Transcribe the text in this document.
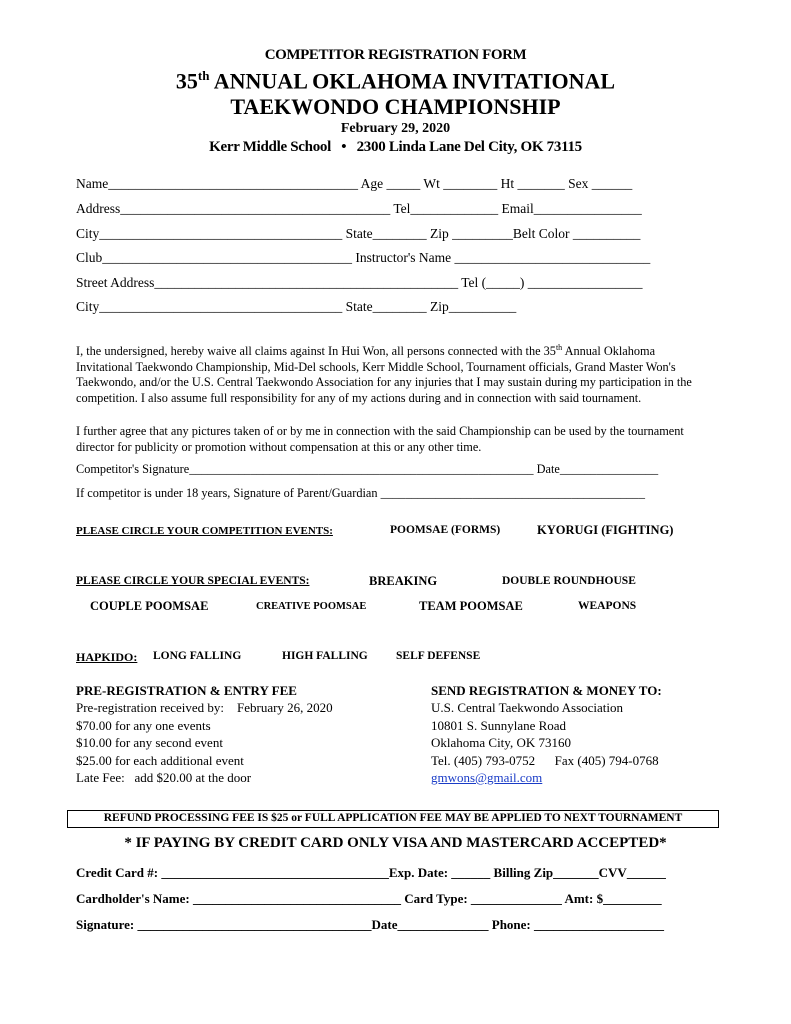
COMPETITOR REGISTRATION FORM
35th ANNUAL OKLAHOMA INVITATIONAL
TAEKWONDO CHAMPIONSHIP
February 29, 2020
Kerr Middle School   •   2300 Linda Lane Del City, OK 73115
Name_____________________________________ Age _____ Wt ________ Ht _______ Sex ______
Address________________________________________ Tel_____________ Email________________
City____________________________________ State________ Zip _________Belt Color __________
Club_____________________________________ Instructor's Name _____________________________
Street Address_____________________________________________ Tel (_____) _________________
City____________________________________ State________ Zip__________
I, the undersigned, hereby waive all claims against In Hui Won, all persons connected with the 35th Annual Oklahoma Invitational Taekwondo Championship, Mid-Del schools, Kerr Middle School, Tournament officials, Grand Master Won's Taekwondo, and/or the U.S. Central Taekwondo Association for any injuries that I may sustain during my participation in the competition. I also assume full responsibility for any of my actions during and in connection with said tournament.
I further agree that any pictures taken of or by me in connection with the said Championship can be used by the tournament director for publicity or promotion without compensation at this or any other time.
Competitor's Signature________________________________________________________ Date________________
If competitor is under 18 years, Signature of Parent/Guardian ___________________________________________
PLEASE CIRCLE YOUR COMPETITION EVENTS:	POOMSAE (FORMS)	KYORUGI (FIGHTING)
PLEASE CIRCLE YOUR SPECIAL EVENTS:	BREAKING	DOUBLE ROUNDHOUSE
COUPLE POOMSAE	CREATIVE POOMSAE	TEAM POOMSAE	WEAPONS
HAPKIDO: LONG FALLING	HIGH FALLING SELF DEFENSE
PRE-REGISTRATION & ENTRY FEE
Pre-registration received by:    February 26, 2020
$70.00 for any one events
$10.00 for any second event
$25.00 for each additional event
Late Fee:   add $20.00 at the door
SEND REGISTRATION & MONEY TO:
U.S. Central Taekwondo Association
10801 S. Sunnylane Road
Oklahoma City, OK 73160
Tel. (405) 793-0752      Fax (405) 794-0768
gmwons@gmail.com
REFUND PROCESSING FEE IS $25 or FULL APPLICATION FEE MAY BE APPLIED TO NEXT TOURNAMENT
* IF PAYING BY CREDIT CARD ONLY VISA AND MASTERCARD ACCEPTED*
Credit Card #: ___________________________________Exp. Date: ______ Billing Zip_______CVV______
Cardholder's Name: ________________________________ Card Type: ______________ Amt: $_________
Signature: ____________________________________Date______________ Phone: ____________________
